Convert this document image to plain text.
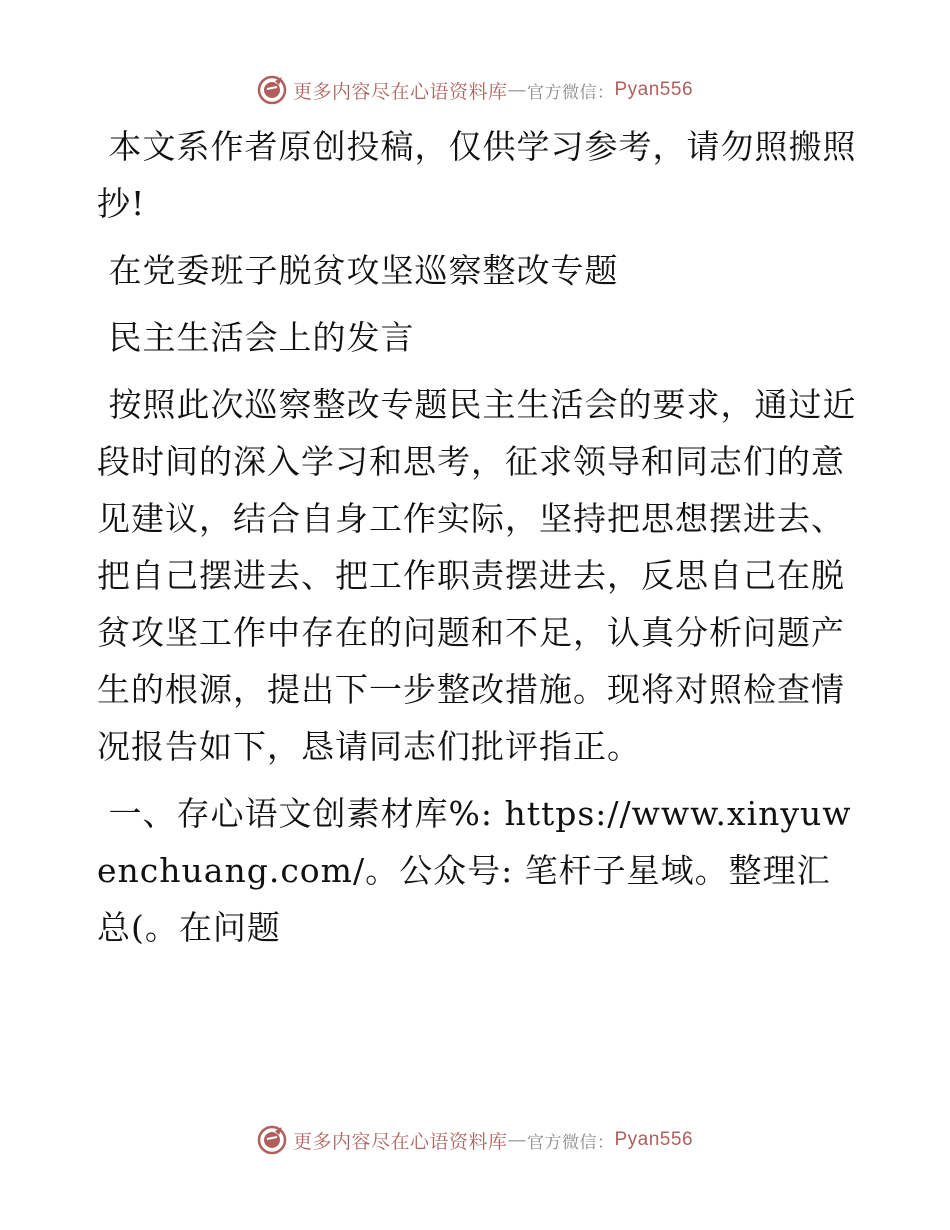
更多内容尽在心语资料库 — 官方微信： Pyan556

本文系作者原创投稿，仅供学习参考，请勿照搬照抄!

在党委班子脱贫攻坚巡察整改专题

民主生活会上的发言

按照此次巡察整改专题民主生活会的要求，通过近段时间的深入学习和思考，征求领导和同志们的意见建议，结合自身工作实际，坚持把思想摆进去、把自己摆进去、把工作职责摆进去，反思自己在脱贫攻坚工作中存在的问题和不足，认真分析问题产生的根源，提出下一步整改措施。现将对照检查情况报告如下，恳请同志们批评指正。

一、存心语文创素材库%: https://www.xinyuwenchuang.com/。公众号: 笔杆子星域。整理汇总(。在问题

更多内容尽在心语资料库 — 官方微信： Pyan556
